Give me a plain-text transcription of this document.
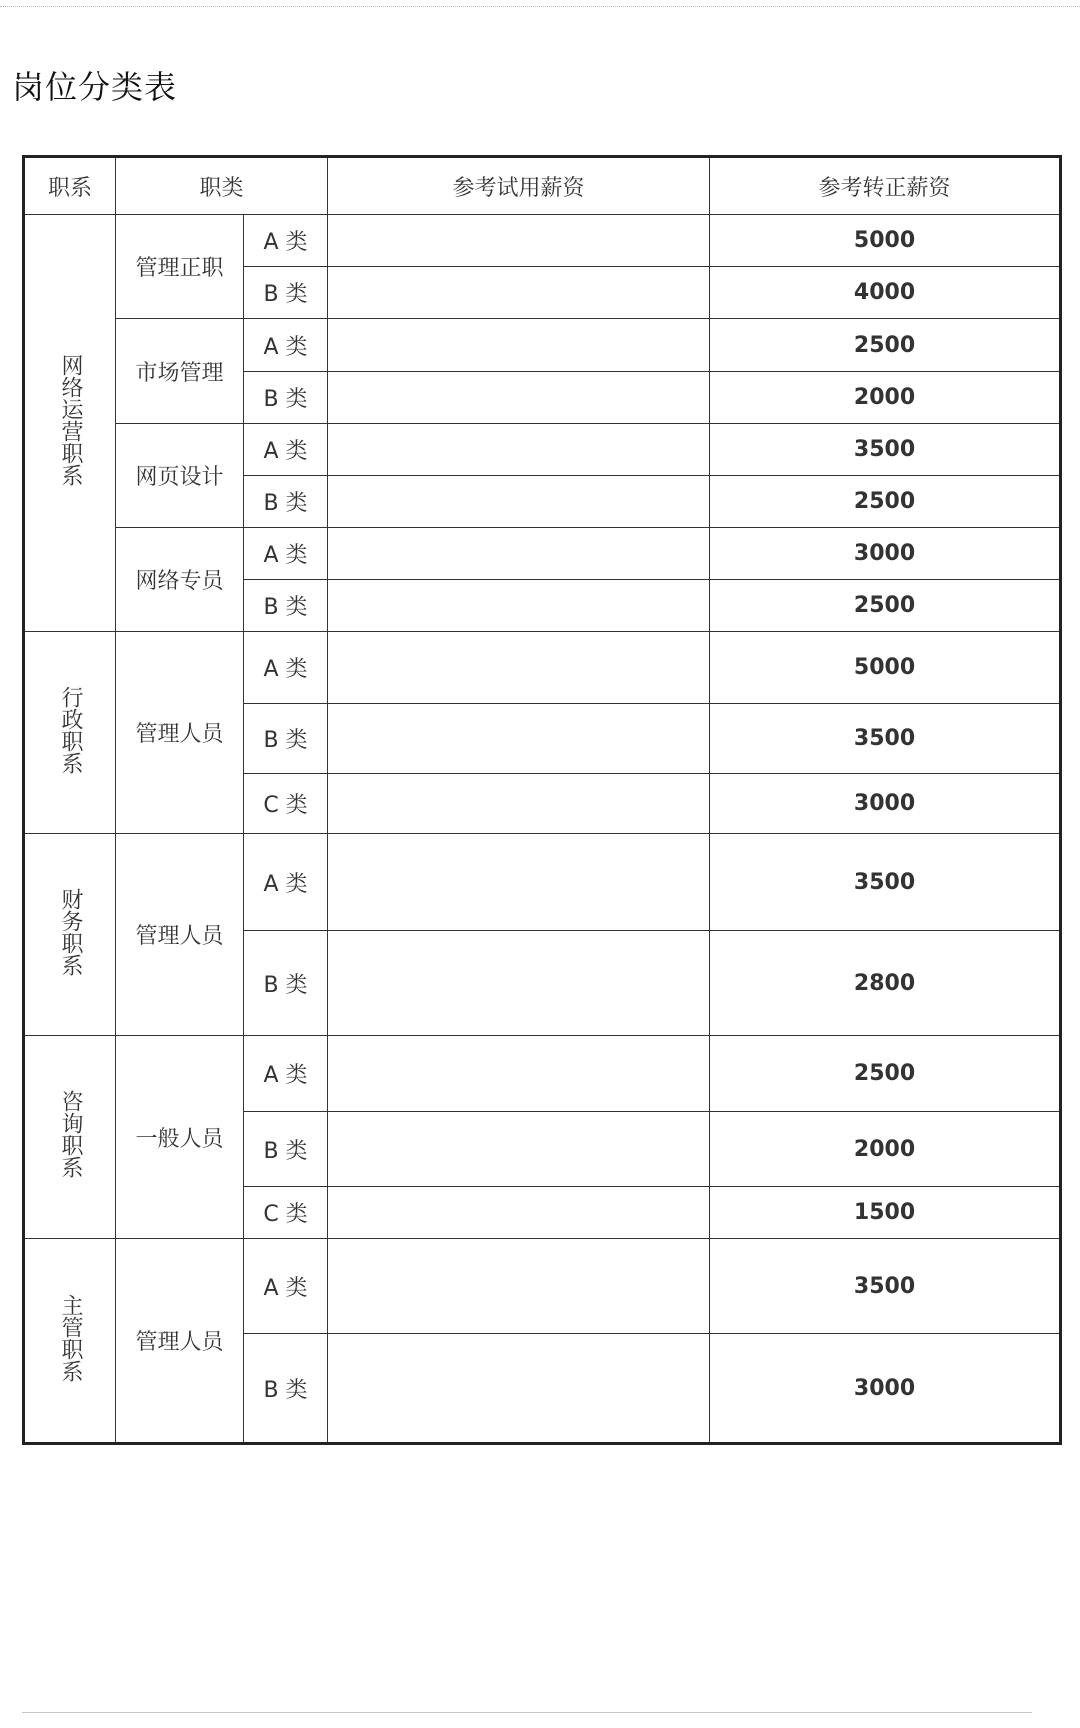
岗位分类表
职系	职类		参考试用薪资	参考转正薪资
网络运营职系	管理正职	A 类		5000
		B 类		4000
	市场管理	A 类		2500
		B 类		2000
	网页设计	A 类		3500
		B 类		2500
	网络专员	A 类		3000
		B 类		2500
行政职系	管理人员	A 类		5000
		B 类		3500
		C 类		3000
财务职系	管理人员	A 类		3500
		B 类		2800
咨询职系	一般人员	A 类		2500
		B 类		2000
		C 类		1500
主管职系	管理人员	A 类		3500
		B 类		3000
